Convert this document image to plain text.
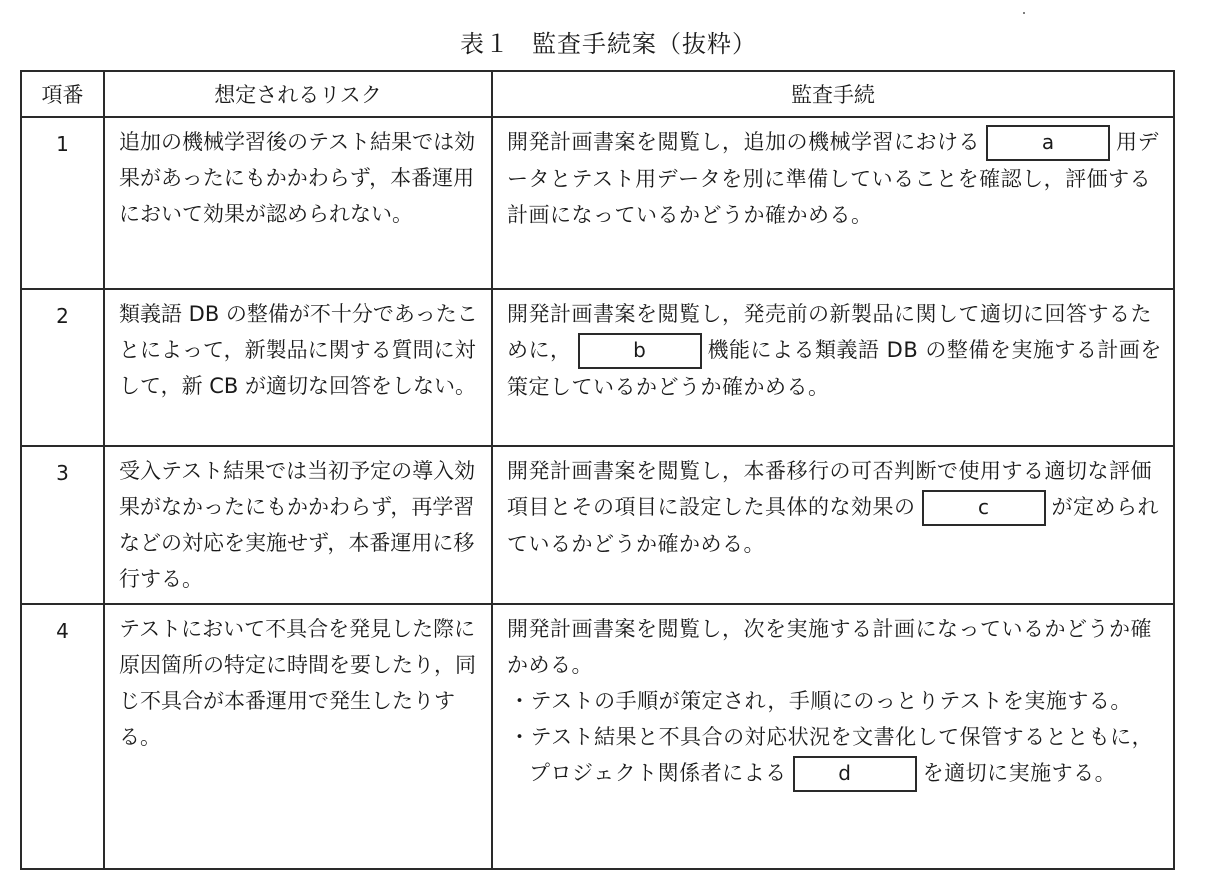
表１ 監査手続案（抜粋）
項番	想定されるリスク	監査手続
1	追加の機械学習後のテスト結果では効果があったにもかかわらず，本番運用において効果が認められない。	開発計画書案を閲覧し，追加の機械学習における a 用データとテスト用データを別に準備していることを確認し，評価する計画になっているかどうか確かめる。
2	類義語 DB の整備が不十分であったことによって，新製品に関する質問に対して，新 CB が適切な回答をしない。	開発計画書案を閲覧し，発売前の新製品に関して適切に回答するために， b 機能による類義語 DB の整備を実施する計画を策定しているかどうか確かめる。
3	受入テスト結果では当初予定の導入効果がなかったにもかかわらず，再学習などの対応を実施せず，本番運用に移行する。	開発計画書案を閲覧し，本番移行の可否判断で使用する適切な評価項目とその項目に設定した具体的な効果の c が定められているかどうか確かめる。
4	テストにおいて不具合を発見した際に原因箇所の特定に時間を要したり，同じ不具合が本番運用で発生したりする。	開発計画書案を閲覧し，次を実施する計画になっているかどうか確かめる。
・テストの手順が策定され，手順にのっとりテストを実施する。
・テスト結果と不具合の対応状況を文書化して保管するとともに，プロジェクト関係者による d を適切に実施する。
